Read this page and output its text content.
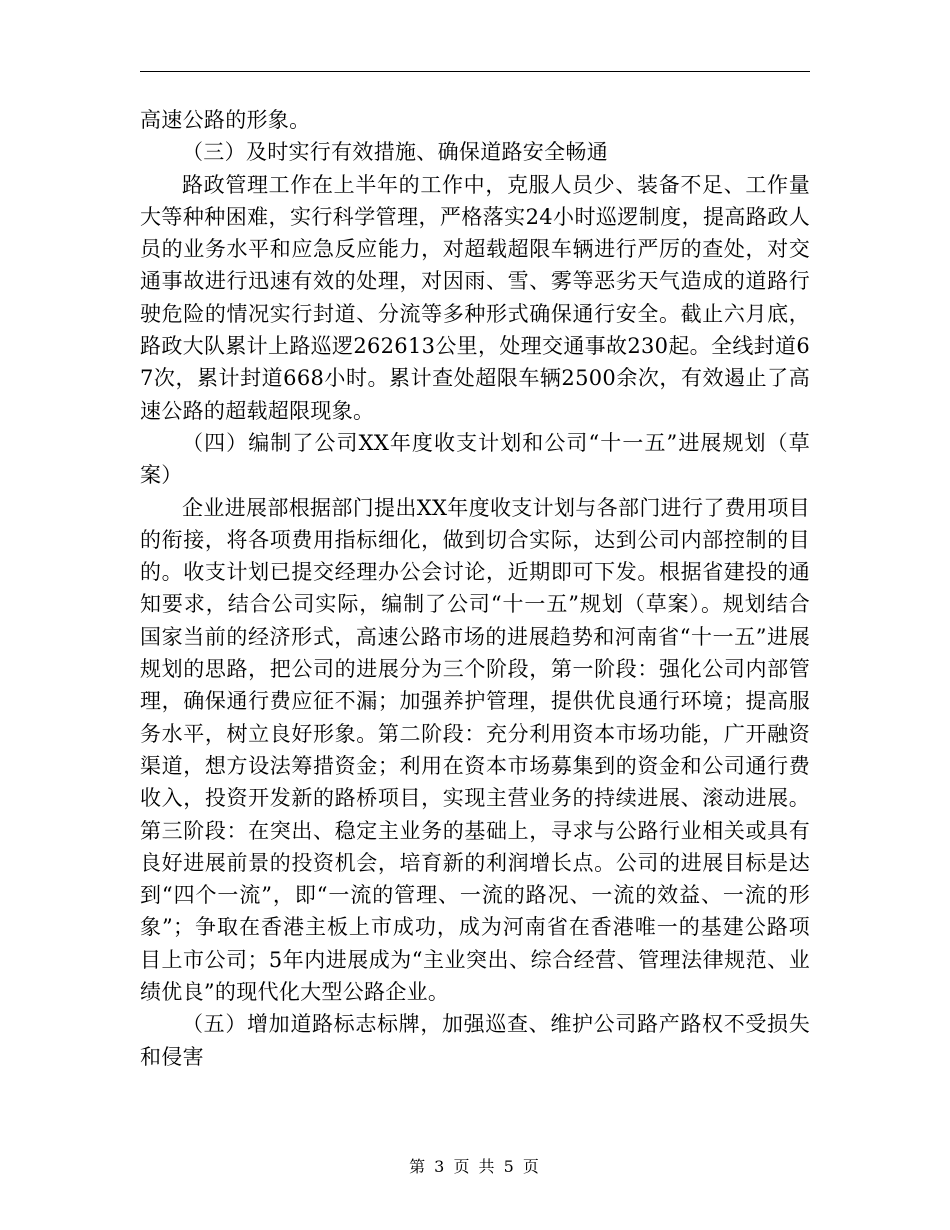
高速公路的形象。

（三）及时实行有效措施、确保道路安全畅通

路政管理工作在上半年的工作中，克服人员少、装备不足、工作量大等种种困难，实行科学管理，严格落实24小时巡逻制度，提高路政人员的业务水平和应急反应能力，对超载超限车辆进行严厉的查处，对交通事故进行迅速有效的处理，对因雨、雪、雾等恶劣天气造成的道路行驶危险的情况实行封道、分流等多种形式确保通行安全。截止六月底，路政大队累计上路巡逻262613公里，处理交通事故230起。全线封道67次，累计封道668小时。累计查处超限车辆2500余次，有效遏止了高速公路的超载超限现象。

（四）编制了公司XX年度收支计划和公司“十一五”进展规划（草案）

企业进展部根据部门提出XX年度收支计划与各部门进行了费用项目的衔接，将各项费用指标细化，做到切合实际，达到公司内部控制的目的。收支计划已提交经理办公会讨论，近期即可下发。根据省建投的通知要求，结合公司实际，编制了公司“十一五”规划（草案）。规划结合国家当前的经济形式，高速公路市场的进展趋势和河南省“十一五”进展规划的思路，把公司的进展分为三个阶段，第一阶段：强化公司内部管理，确保通行费应征不漏；加强养护管理，提供优良通行环境；提高服务水平，树立良好形象。第二阶段：充分利用资本市场功能，广开融资渠道，想方设法筹措资金；利用在资本市场募集到的资金和公司通行费收入，投资开发新的路桥项目，实现主营业务的持续进展、滚动进展。第三阶段：在突出、稳定主业务的基础上，寻求与公路行业相关或具有良好进展前景的投资机会，培育新的利润增长点。公司的进展目标是达到“四个一流”，即“一流的管理、一流的路况、一流的效益、一流的形象”；争取在香港主板上市成功，成为河南省在香港唯一的基建公路项目上市公司；5年内进展成为“主业突出、综合经营、管理法律规范、业绩优良”的现代化大型公路企业。

（五）增加道路标志标牌，加强巡查、维护公司路产路权不受损失和侵害

第 3 页 共 5 页
